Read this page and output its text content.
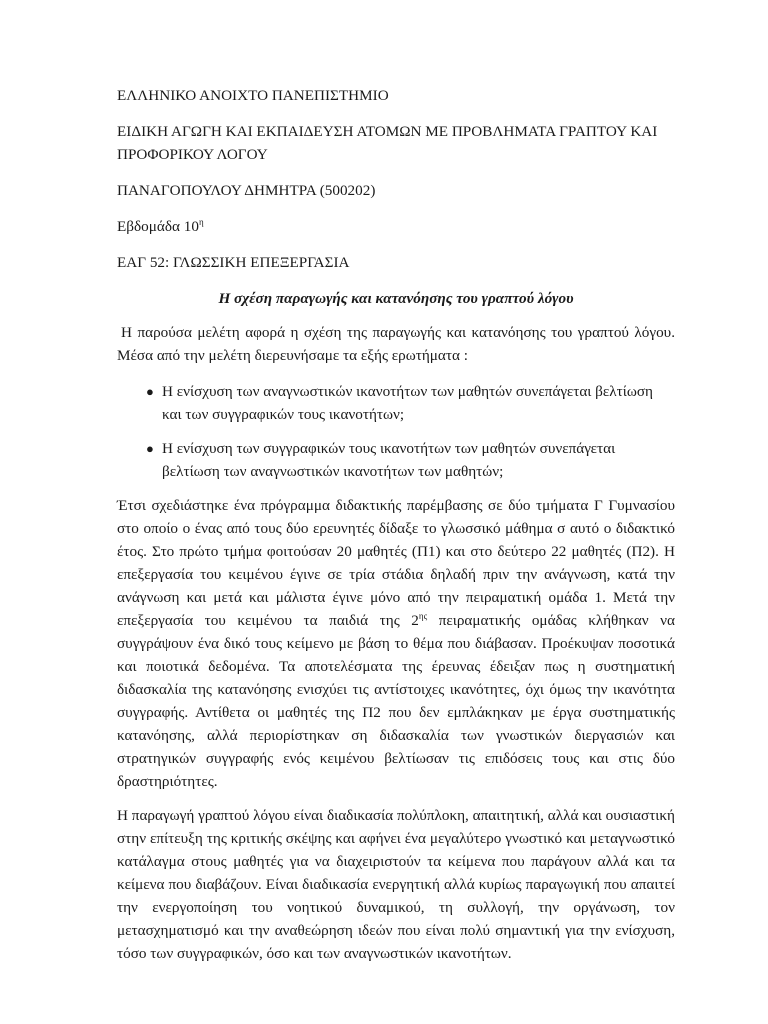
ΕΛΛΗΝΙΚΟ ΑΝΟΙΧΤΟ ΠΑΝΕΠΙΣΤΗΜΙΟ

ΕΙΔΙΚΗ ΑΓΩΓΗ ΚΑΙ ΕΚΠΑΙΔΕΥΣΗ ΑΤΟΜΩΝ ΜΕ ΠΡΟΒΛΗΜΑΤΑ ΓΡΑΠΤΟΥ ΚΑΙ ΠΡΟΦΟΡΙΚΟΥ ΛΟΓΟΥ

ΠΑΝΑΓΟΠΟΥΛΟΥ ΔΗΜΗΤΡΑ (500202)

Εβδομάδα $10^\eta$

ΕΑΓ 52: ΓΛΩΣΣΙΚΗ ΕΠΕΞΕΡΓΑΣΙΑ

Η σχέση παραγωγής και κατανόησης του γραπτού λόγου

Η παρούσα μελέτη αφορά η σχέση της παραγωγής και κατανόησης του γραπτού λόγου. Μέσα από την μελέτη διερευνήσαμε τα εξής ερωτήματα :

● Η ενίσχυση των αναγνωστικών ικανοτήτων των μαθητών συνεπάγεται βελτίωση και των συγγραφικών τους ικανοτήτων;
● Η ενίσχυση των συγγραφικών τους ικανοτήτων των μαθητών συνεπάγεται βελτίωση των αναγνωστικών ικανοτήτων των μαθητών;

Έτσι σχεδιάστηκε ένα πρόγραμμα διδακτικής παρέμβασης σε δύο τμήματα Γ Γυμνασίου στο οποίο ο ένας από τους δύο ερευνητές δίδαξε το γλωσσικό μάθημα σ αυτό ο διδακτικό έτος. Στο πρώτο τμήμα φοιτούσαν 20 μαθητές (Π1) και στο δεύτερο 22 μαθητές (Π2). Η επεξεργασία του κειμένου έγινε σε τρία στάδια δηλαδή πριν την ανάγνωση, κατά την ανάγνωση και μετά και μάλιστα έγινε μόνο από την πειραματική ομάδα 1. Μετά την επεξεργασία του κειμένου τα παιδιά της $2^{\eta\varsigma}$ πειραματικής ομάδας κλήθηκαν να συγγράψουν ένα δικό τους κείμενο με βάση το θέμα που διάβασαν. Προέκυψαν ποσοτικά και ποιοτικά δεδομένα. Τα αποτελέσματα της έρευνας έδειξαν πως η συστηματική διδασκαλία της κατανόησης ενισχύει τις αντίστοιχες ικανότητες, όχι όμως την ικανότητα συγγραφής. Αντίθετα οι μαθητές της Π2 που δεν εμπλάκηκαν με έργα συστηματικής κατανόησης, αλλά περιορίστηκαν ση διδασκαλία των γνωστικών διεργασιών και στρατηγικών συγγραφής ενός κειμένου βελτίωσαν τις επιδόσεις τους και στις δύο δραστηριότητες.

Η παραγωγή γραπτού λόγου είναι διαδικασία πολύπλοκη, απαιτητική, αλλά και ουσιαστική στην επίτευξη της κριτικής σκέψης και αφήνει ένα μεγαλύτερο γνωστικό και μεταγνωστικό κατάλαγμα στους μαθητές για να διαχειριστούν τα κείμενα που παράγουν αλλά και τα κείμενα που διαβάζουν. Είναι διαδικασία ενεργητική αλλά κυρίως παραγωγική που απαιτεί την ενεργοποίηση του νοητικού δυναμικού, τη συλλογή, την οργάνωση, τον μετασχηματισμό και την αναθεώρηση ιδεών που είναι πολύ σημαντική για την ενίσχυση, τόσο των συγγραφικών, όσο και των αναγνωστικών ικανοτήτων.
